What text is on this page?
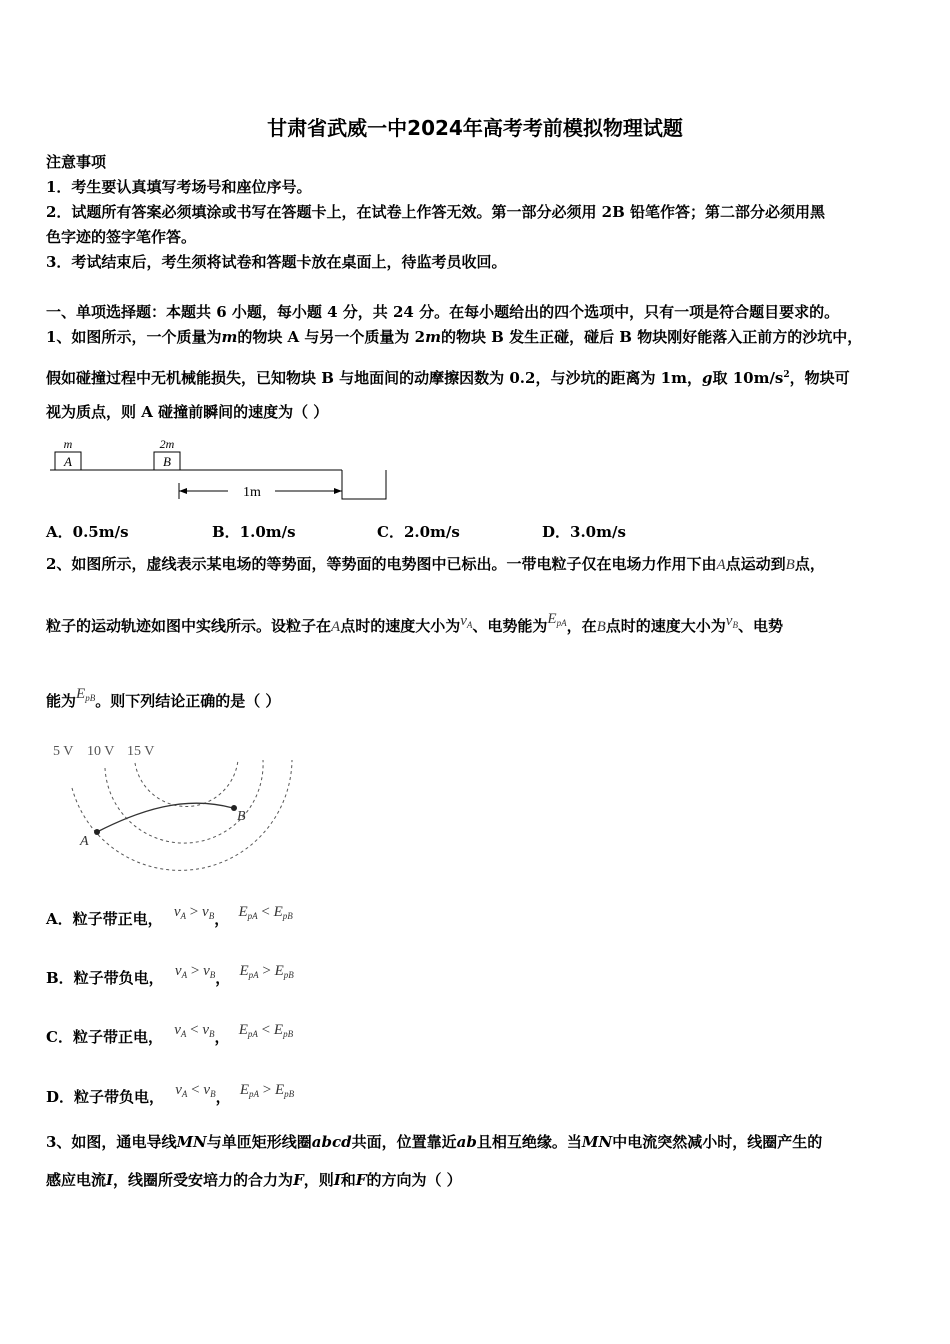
甘肃省武威一中2024年高考考前模拟物理试题
注意事项
1．考生要认真填写考场号和座位序号。
2．试题所有答案必须填涂或书写在答题卡上，在试卷上作答无效。第一部分必须用 2B 铅笔作答；第二部分必须用黑
色字迹的签字笔作答。
3．考试结束后，考生须将试卷和答题卡放在桌面上，待监考员收回。
一、单项选择题：本题共 6 小题，每小题 4 分，共 24 分。在每小题给出的四个选项中，只有一项是符合题目要求的。
1、如图所示，一个质量为m的物块 A 与另一个质量为 2m的物块 B 发生正碰，碰后 B 物块刚好能落入正前方的沙坑中，
假如碰撞过程中无机械能损失，已知物块 B 与地面间的动摩擦因数为 0.2，与沙坑的距离为 1m，g取 $10m/s^2$，物块可
视为质点，则 A 碰撞前瞬间的速度为（ ）
A
m
B
2m
1m
A．0.5m/s	B．1.0m/s	C．2.0m/s	D．3.0m/s
2、如图所示，虚线表示某电场的等势面，等势面的电势图中已标出。一带电粒子仅在电场力作用下由A点运动到B点，
粒子的运动轨迹如图中实线所示。设粒子在A点时的速度大小为$v_A$、电势能为$E_{pA}$，在B点时的速度大小为$v_B$、电势
能为$E_{pB}$。则下列结论正确的是（ ）
5 V 10 V 15 V
A
B
A．粒子带正电， $v_A > v_B$， $E_{pA} < E_{pB}$
B．粒子带负电， $v_A > v_B$， $E_{pA} > E_{pB}$
C．粒子带正电， $v_A < v_B$， $E_{pA} < E_{pB}$
D．粒子带负电， $v_A < v_B$， $E_{pA} > E_{pB}$
3、如图，通电导线MN与单匝矩形线圈abcd共面，位置靠近ab且相互绝缘。当MN中电流突然减小时，线圈产生的
感应电流I，线圈所受安培力的合力为F，则I和F的方向为（ ）
